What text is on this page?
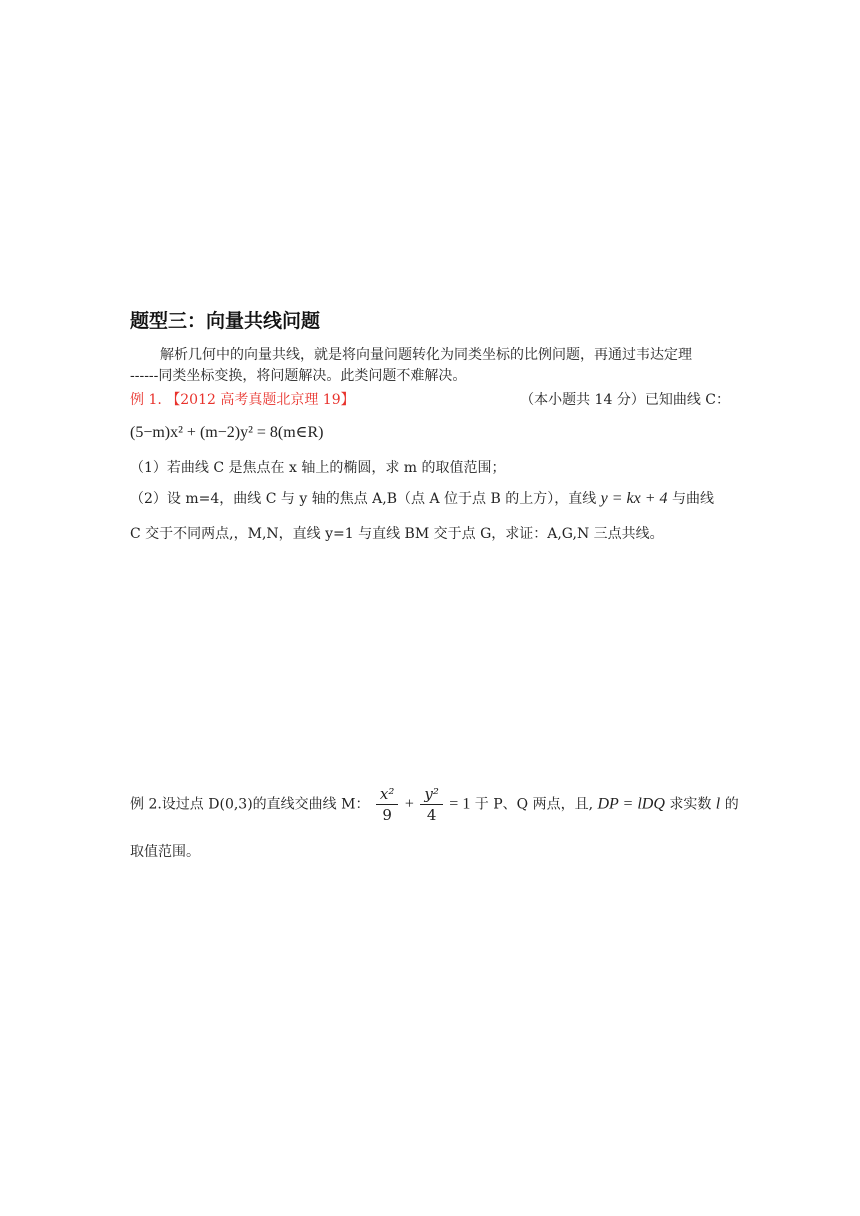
题型三：向量共线问题
解析几何中的向量共线，就是将向量问题转化为同类坐标的比例问题，再通过韦达定理
------同类坐标变换，将问题解决。此类问题不难解决。
例 1. 【2012 高考真题北京理 19】	（本小题共 14 分）已知曲线 C：
(5−m)x² + (m−2)y² = 8(m∈R)
（1）若曲线 C 是焦点在 x 轴上的椭圆，求 m 的取值范围；
（2）设 m=4，曲线 C 与 y 轴的焦点 A,B（点 A 位于点 B 的上方），直线 y = kx + 4 与曲线
C 交于不同两点,，M,N，直线 y=1 与直线 BM 交于点 G，求证：A,G,N 三点共线。
例 2.设过点 D(0,3)的直线交曲线 M： $\frac{\text{x²}}{9} + \frac{\text{y²}}{4} = 1$ 于 P、Q 两点，且, DP = lDQ 求实数 l 的
取值范围。
